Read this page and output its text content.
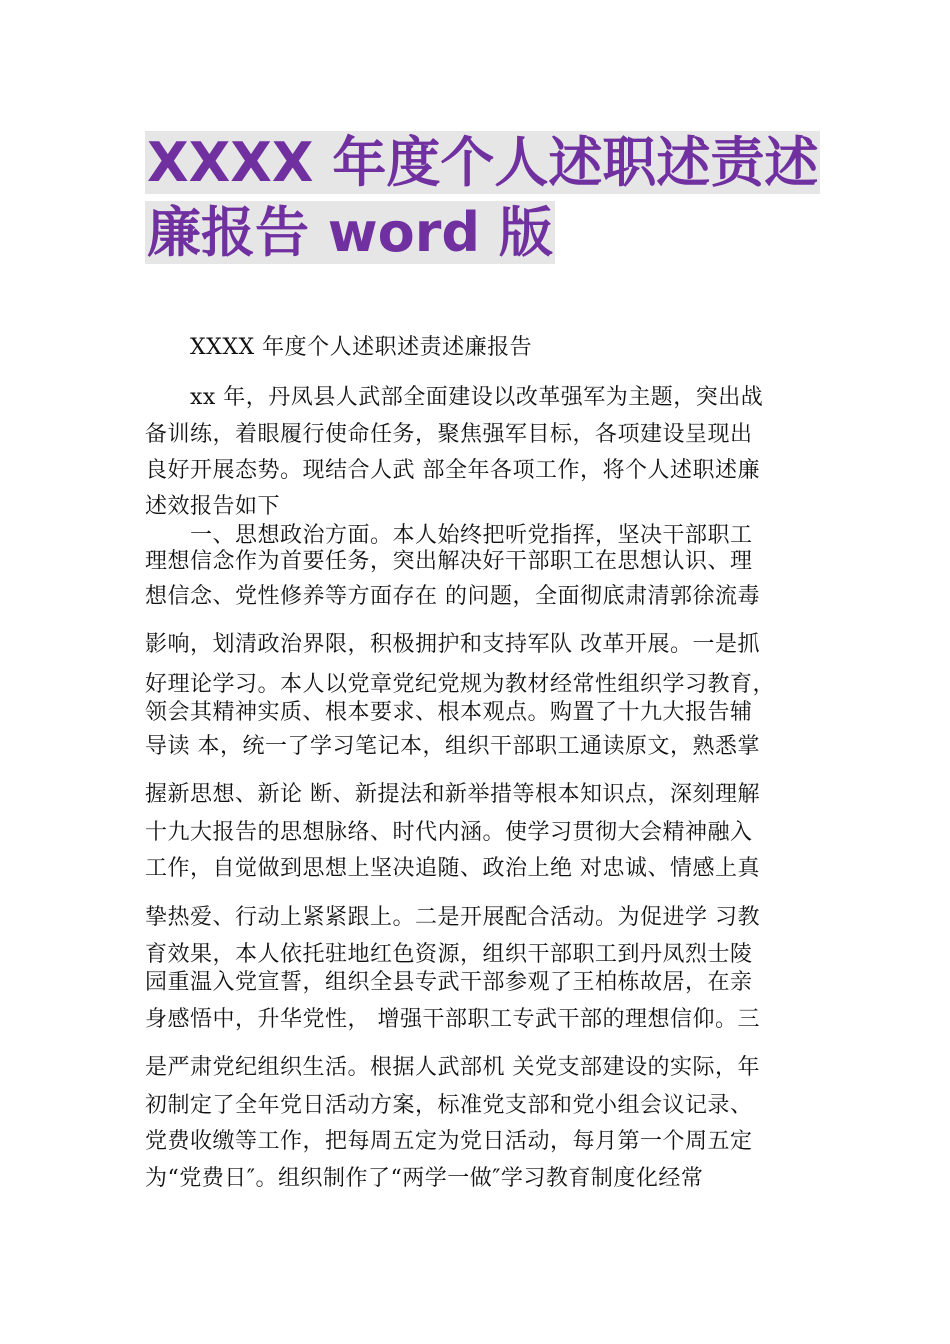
XXXX 年度个人述职述责述
廉报告 word 版

XXXX 年度个人述职述责述廉报告

xx 年，丹凤县人武部全面建设以改革强军为主题，突出战

备训练，着眼履行使命任务，聚焦强军目标，各项建设呈现出

良好开展态势。现结合人武 部全年各项工作，将个人述职述廉

述效报告如下

一、思想政治方面。本人始终把听党指挥，坚决干部职工

理想信念作为首要任务，突出解决好干部职工在思想认识、理

想信念、党性修养等方面存在 的问题，全面彻底肃清郭徐流毒

影响，划清政治界限，积极拥护和支持军队 改革开展。一是抓

好理论学习。本人以党章党纪党规为教材经常性组织学习教育，

领会其精神实质、根本要求、根本观点。购置了十九大报告辅

导读 本，统一了学习笔记本，组织干部职工通读原文，熟悉掌

握新思想、新论 断、新提法和新举措等根本知识点，深刻理解

十九大报告的思想脉络、时代内涵。使学习贯彻大会精神融入

工作，自觉做到思想上坚决追随、政治上绝 对忠诚、情感上真

挚热爱、行动上紧紧跟上。二是开展配合活动。为促进学 习教

育效果，本人依托驻地红色资源，组织干部职工到丹凤烈士陵

园重温入党宣誓，组织全县专武干部参观了王柏栋故居，在亲

身感悟中，升华党性， 增强干部职工专武干部的理想信仰。三

是严肃党纪组织生活。根据人武部机 关党支部建设的实际，年

初制定了全年党日活动方案，标准党支部和党小组会议记录、

党费收缴等工作，把每周五定为党日活动，每月第一个周五定

为“党费日″。组织制作了“两学一做″学习教育制度化经常
